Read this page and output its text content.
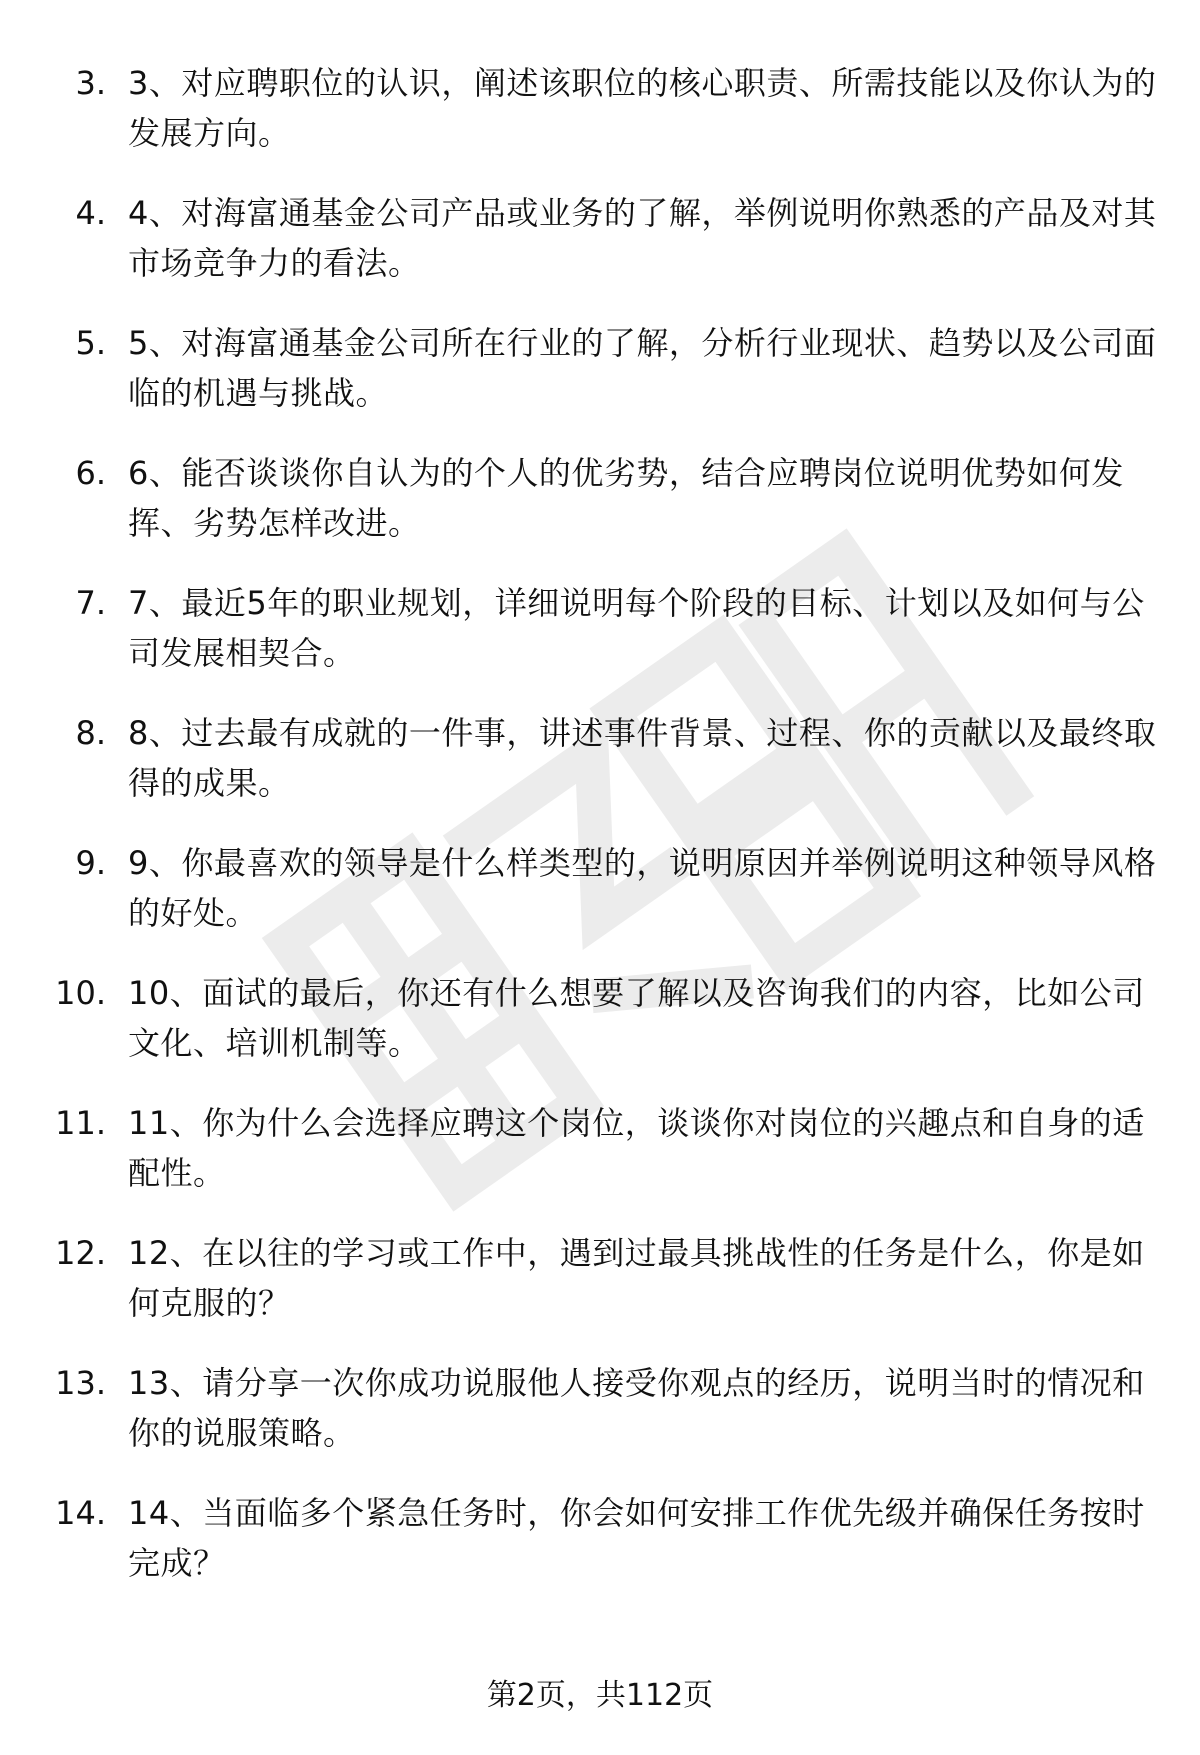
3. 3、对应聘职位的认识，阐述该职位的核心职责、所需技能以及你认为的发展方向。
4. 4、对海富通基金公司产品或业务的了解，举例说明你熟悉的产品及对其市场竞争力的看法。
5. 5、对海富通基金公司所在行业的了解，分析行业现状、趋势以及公司面临的机遇与挑战。
6. 6、能否谈谈你自认为的个人的优劣势，结合应聘岗位说明优势如何发挥、劣势怎样改进。
7. 7、最近5年的职业规划，详细说明每个阶段的目标、计划以及如何与公司发展相契合。
8. 8、过去最有成就的一件事，讲述事件背景、过程、你的贡献以及最终取得的成果。
9. 9、你最喜欢的领导是什么样类型的，说明原因并举例说明这种领导风格的好处。
10. 10、面试的最后，你还有什么想要了解以及咨询我们的内容，比如公司文化、培训机制等。
11. 11、你为什么会选择应聘这个岗位，谈谈你对岗位的兴趣点和自身的适配性。
12. 12、在以往的学习或工作中，遇到过最具挑战性的任务是什么，你是如何克服的？
13. 13、请分享一次你成功说服他人接受你观点的经历，说明当时的情况和你的说服策略。
14. 14、当面临多个紧急任务时，你会如何安排工作优先级并确保任务按时完成？
第2页，共112页
